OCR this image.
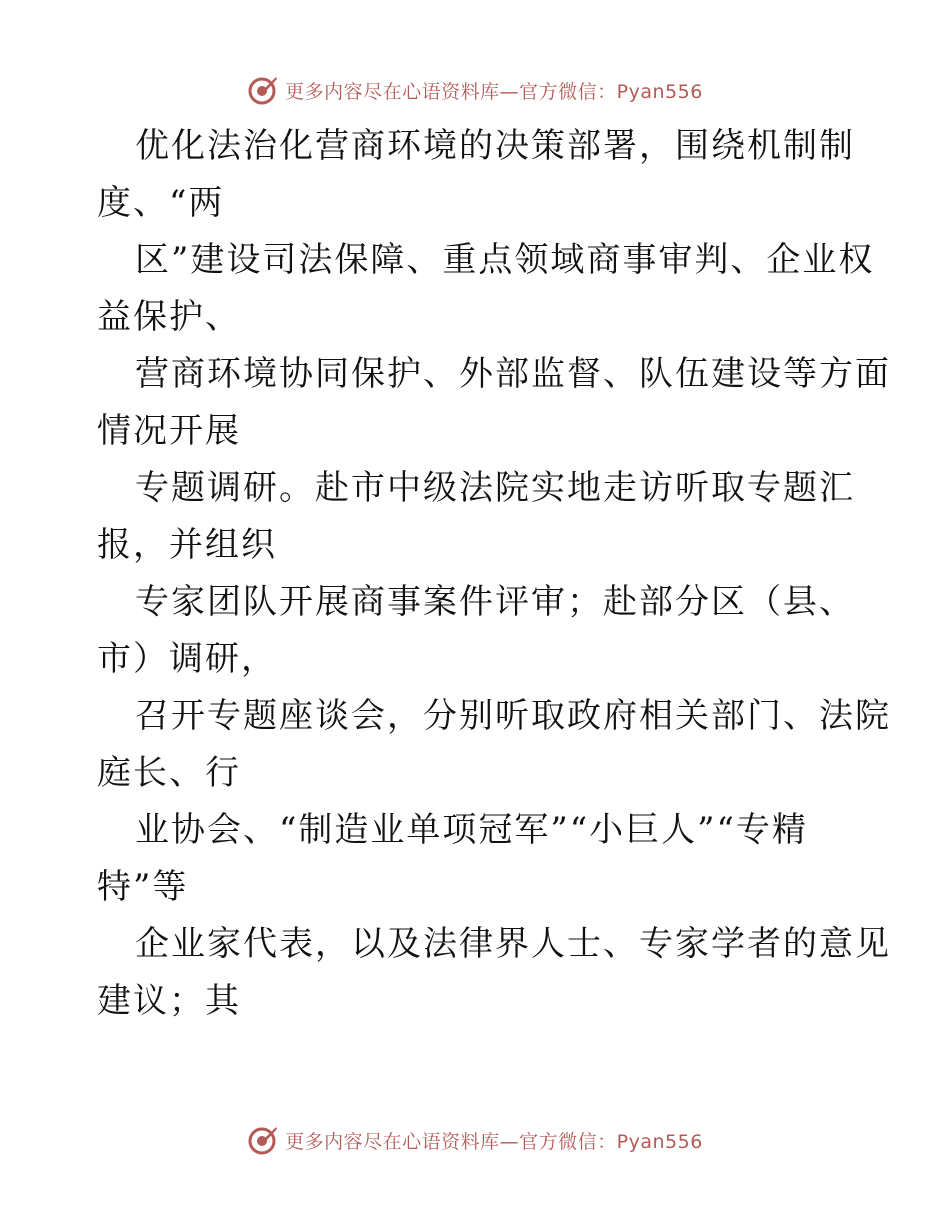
更多内容尽在心语资料库—官方微信：Pyan556
优化法治化营商环境的决策部署，围绕机制制
度、“两
区”建设司法保障、重点领域商事审判、企业权
益保护、
营商环境协同保护、外部监督、队伍建设等方面
情况开展
专题调研。赴市中级法院实地走访听取专题汇
报，并组织
专家团队开展商事案件评审；赴部分区（县、
市）调研，
召开专题座谈会，分别听取政府相关部门、法院
庭长、行
业协会、“制造业单项冠军”“小巨人”“专精
特”等
企业家代表，以及法律界人士、专家学者的意见
建议；其
更多内容尽在心语资料库—官方微信：Pyan556
